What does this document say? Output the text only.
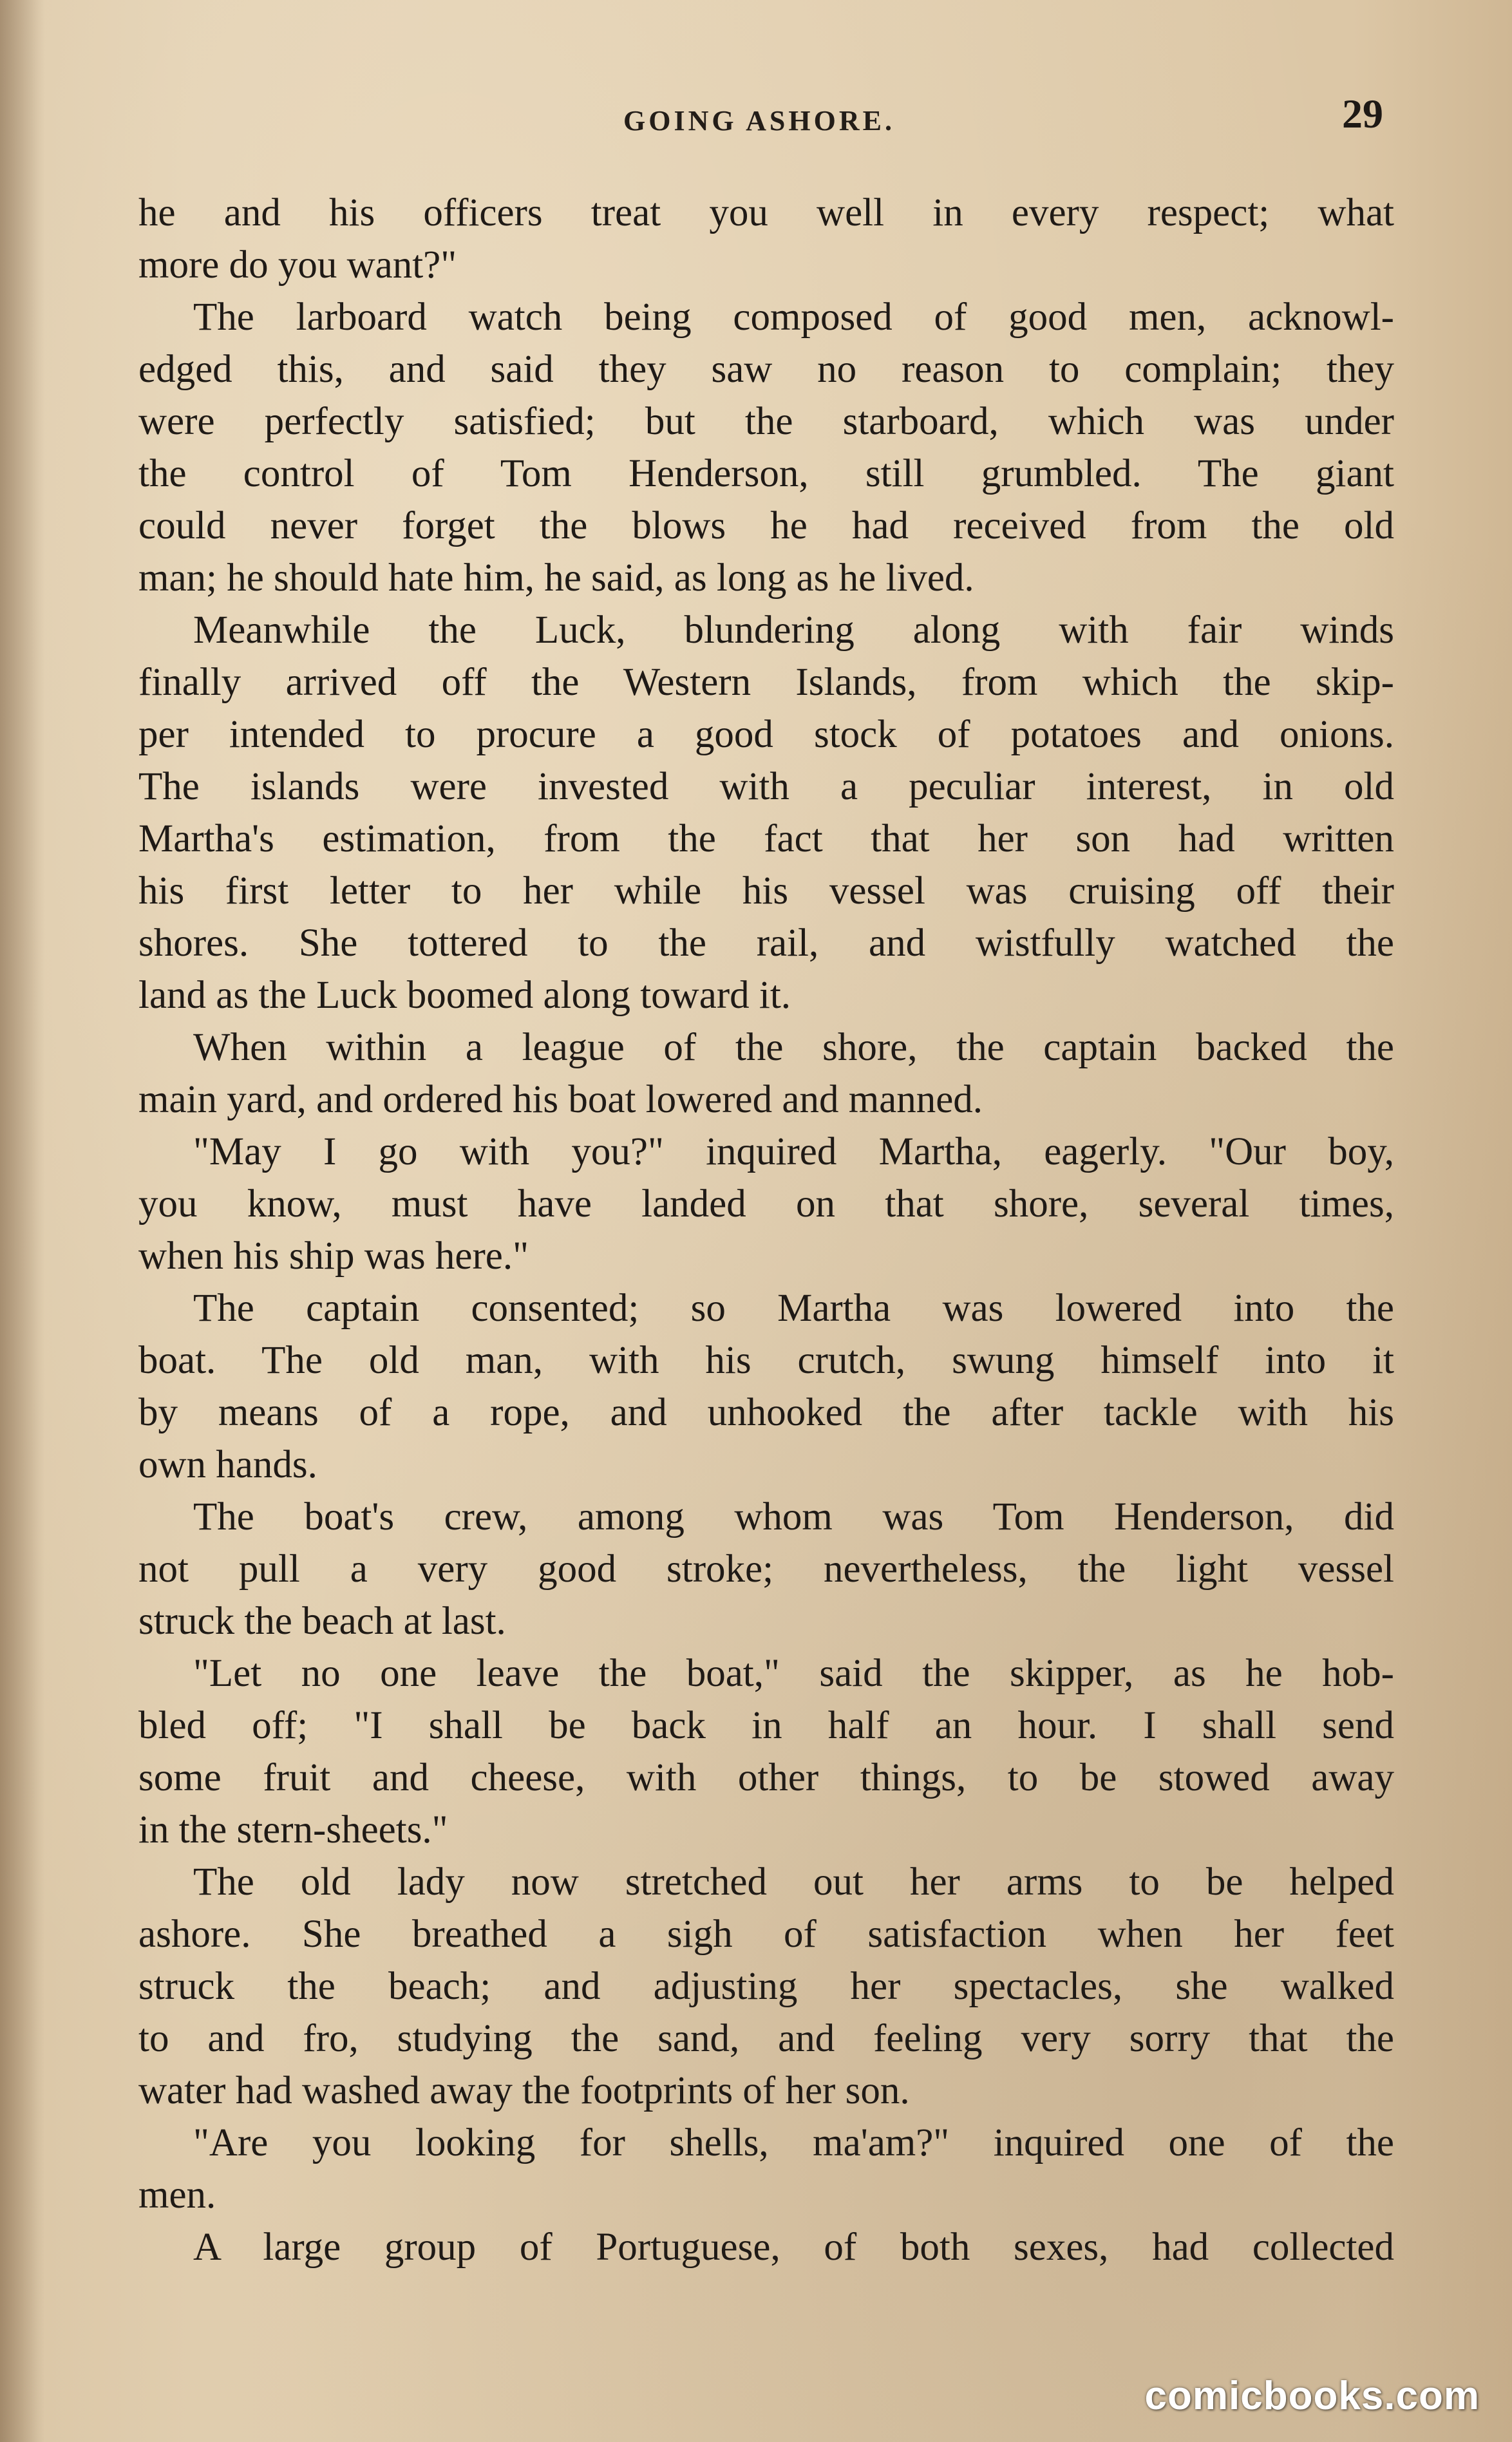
GOING ASHORE.	29
he and his officers treat you well in every respect; what
more do you want?"
The larboard watch being composed of good men, acknowl-
edged this, and said they saw no reason to complain; they
were perfectly satisfied; but the starboard, which was under
the control of Tom Henderson, still grumbled. The giant
could never forget the blows he had received from the old
man; he should hate him, he said, as long as he lived.
Meanwhile the Luck, blundering along with fair winds
finally arrived off the Western Islands, from which the skip-
per intended to procure a good stock of potatoes and onions.
The islands were invested with a peculiar interest, in old
Martha's estimation, from the fact that her son had written
his first letter to her while his vessel was cruising off their
shores. She tottered to the rail, and wistfully watched the
land as the Luck boomed along toward it.
When within a league of the shore, the captain backed the
main yard, and ordered his boat lowered and manned.
"May I go with you?" inquired Martha, eagerly. "Our boy,
you know, must have landed on that shore, several times,
when his ship was here."
The captain consented; so Martha was lowered into the
boat. The old man, with his crutch, swung himself into it
by means of a rope, and unhooked the after tackle with his
own hands.
The boat's crew, among whom was Tom Henderson, did
not pull a very good stroke; nevertheless, the light vessel
struck the beach at last.
"Let no one leave the boat," said the skipper, as he hob-
bled off; "I shall be back in half an hour. I shall send
some fruit and cheese, with other things, to be stowed away
in the stern-sheets."
The old lady now stretched out her arms to be helped
ashore. She breathed a sigh of satisfaction when her feet
struck the beach; and adjusting her spectacles, she walked
to and fro, studying the sand, and feeling very sorry that the
water had washed away the footprints of her son.
"Are you looking for shells, ma'am?" inquired one of the
men.
A large group of Portuguese, of both sexes, had collected
comicbooks.com
